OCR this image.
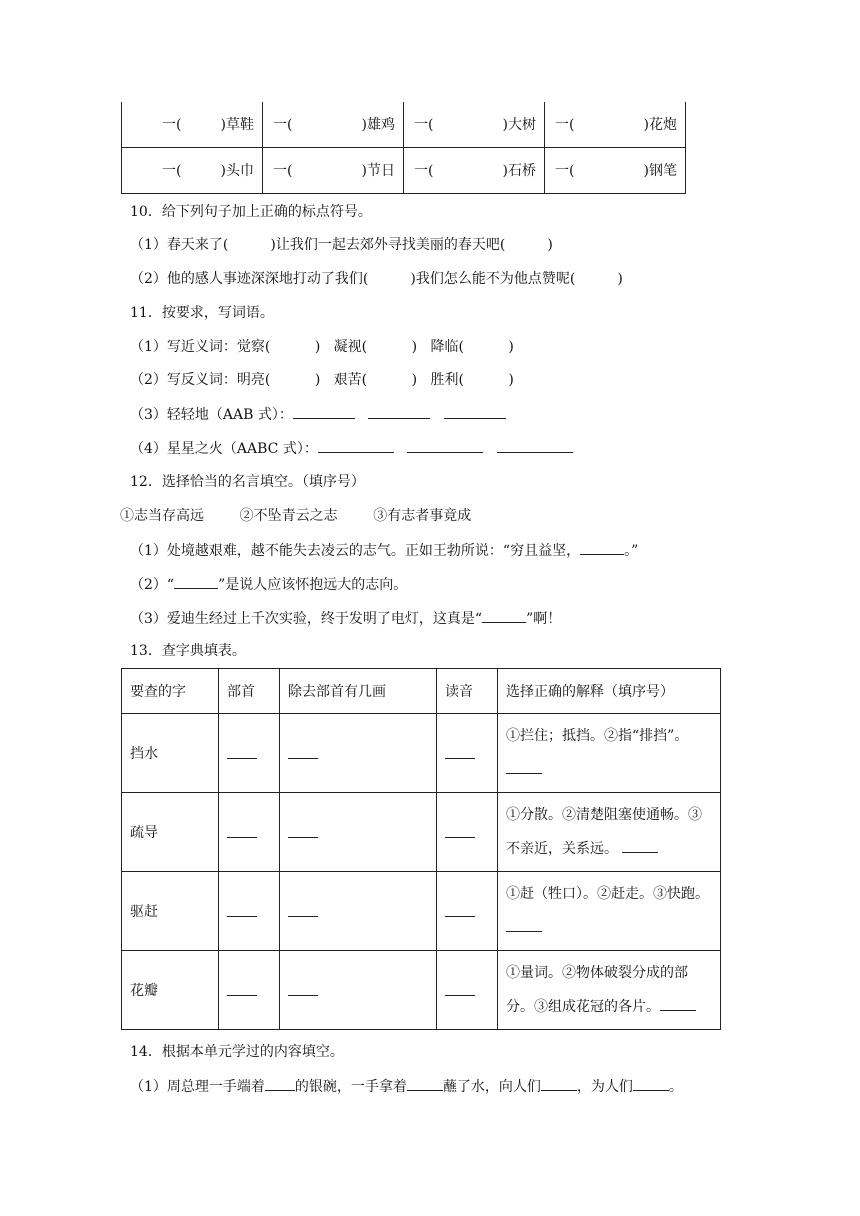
一( )草鞋	一( )雄鸡	一( )大树	一( )花炮

一( )头巾	一( )节日	一( )石桥	一( )钢笔
10．给下列句子加上正确的标点符号。
（1）春天来了(	)让我们一起去郊外寻找美丽的春天吧(	)
（2）他的感人事迹深深地打动了我们(	)我们怎么能不为他点赞呢(	)
11．按要求，写词语。
（1）写近义词：觉察(          )   凝视(          )   降临(          )
（2）写反义词：明亮(          )   艰苦(          )   胜利(          )
（3）轻轻地（AAB 式）：
（4）星星之火（AABC 式）：
12．选择恰当的名言填空。（填序号）
①志当存高远        ②不坠青云之志        ③有志者事竟成
（1）处境越艰难，越不能失去凌云的志气。正如王勃所说：“穷且益坚，	。”
（2）“	”是说人应该怀抱远大的志向。
（3）爱迪生经过上千次实验，终于发明了电灯，这真是“	”啊！
13．查字典填表。
要查的字	部首	除去部首有几画	读音	选择正确的解释（填序号）
挡水				①拦住；抵挡。②指“排挡”。

疏导				①分散。②清楚阻塞使通畅。③不亲近，关系远。
驱赶				①赶（牲口）。②赶走。③快跑。

花瓣				①量词。②物体破裂分成的部分。③组成花冠的各片。
14．根据本单元学过的内容填空。
（1）周总理一手端着 的银碗，一手拿着	蘸了水，向人们	，为人们	。
